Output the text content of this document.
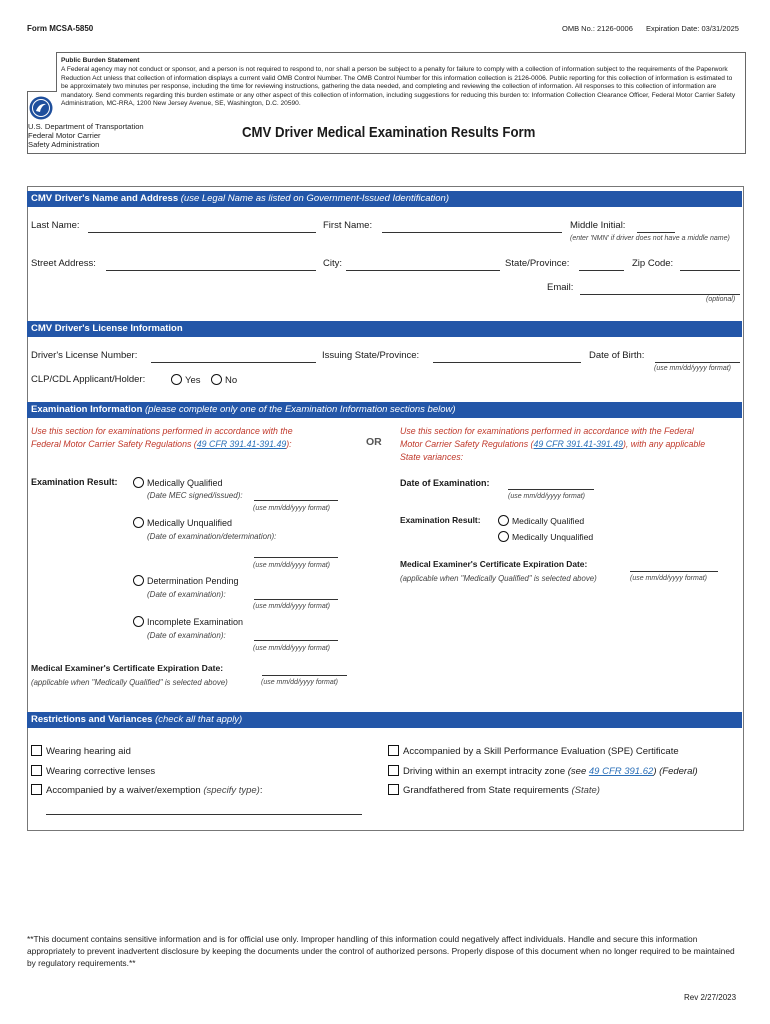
Form MCSA-5850	OMB No.: 2126-0006 Expiration Date: 03/31/2025
Public Burden Statement
A Federal agency may not conduct or sponsor, and a person is not required to respond to, nor shall a person be subject to a penalty for failure to comply with a collection of information subject to the requirements of the Paperwork Reduction Act unless that collection of information displays a current valid OMB Control Number. The OMB Control Number for this information collection is 2126-0006. Public reporting for this collection of information is estimated to be approximately two minutes per response, including the time for reviewing instructions, gathering the data needed, and completing and reviewing the collection of information. All responses to this collection of information are mandatory. Send comments regarding this burden estimate or any other aspect of this collection of information, including suggestions for reducing this burden to: Information Collection Clearance Officer, Federal Motor Carrier Safety Administration, MC-RRA, 1200 New Jersey Avenue, SE, Washington, D.C. 20590.
U.S. Department of Transportation
Federal Motor Carrier
Safety Administration
CMV Driver Medical Examination Results Form
CMV Driver's Name and Address (use Legal Name as listed on Government-Issued Identification)
Last Name:	First Name:	Middle Initial:
(enter 'NMN' if driver does not have a middle name)
Street Address:	City:	State/Province:	Zip Code:
Email:
(optional)
CMV Driver's License Information
Driver's License Number:	Issuing State/Province:	Date of Birth:
(use mm/dd/yyyy format)
CLP/CDL Applicant/Holder:	Yes	No
Examination Information (please complete only one of the Examination Information sections below)
Use this section for examinations performed in accordance with the
Federal Motor Carrier Safety Regulations (49 CFR 391.41-391.49):	OR
Use this section for examinations performed in accordance with the Federal
Motor Carrier Safety Regulations (49 CFR 391.41-391.49), with any applicable
State variances:
Examination Result:	Medically Qualified
(Date MEC signed/issued):
(use mm/dd/yyyy format)
Medically Unqualified
(Date of examination/determination):
(use mm/dd/yyyy format)
Determination Pending
(Date of examination):
(use mm/dd/yyyy format)
Incomplete Examination
(Date of examination):
(use mm/dd/yyyy format)
Medical Examiner's Certificate Expiration Date:
(applicable when "Medically Qualified" is selected above)	(use mm/dd/yyyy format)
Date of Examination:
(use mm/dd/yyyy format)
Examination Result:	Medically Qualified
Medically Unqualified
Medical Examiner's Certificate Expiration Date:
(applicable when "Medically Qualified" is selected above)	(use mm/dd/yyyy format)
Restrictions and Variances (check all that apply)
Wearing hearing aid
Wearing corrective lenses
Accompanied by a waiver/exemption (specify type):
Accompanied by a Skill Performance Evaluation (SPE) Certificate
Driving within an exempt intracity zone (see 49 CFR 391.62) (Federal)
Grandfathered from State requirements (State)
**This document contains sensitive information and is for official use only. Improper handling of this information could negatively affect individuals. Handle and secure this information appropriately to prevent inadvertent disclosure by keeping the documents under the control of authorized persons. Properly dispose of this document when no longer required to be maintained by regulatory requirements.**
Rev 2/27/2023
